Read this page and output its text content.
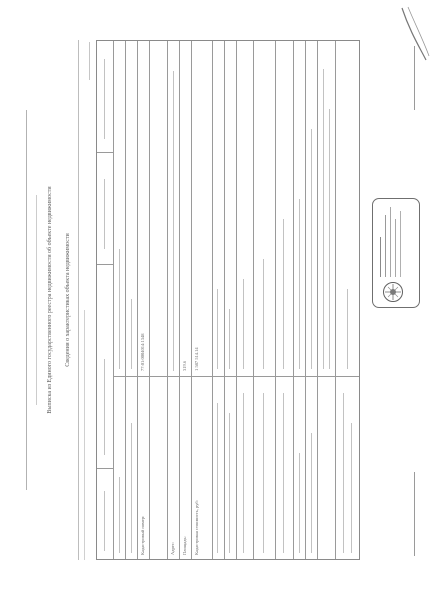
Выписка из Единого государственного реестра недвижимости об объекте недвижимости Сведения о характеристиках объекта недвижимости
Кадастровый номер:
77:01:0004014:1348
Адрес: Площадь:
319.6
Кадастровая стоимость, руб:
1 587 514.14
